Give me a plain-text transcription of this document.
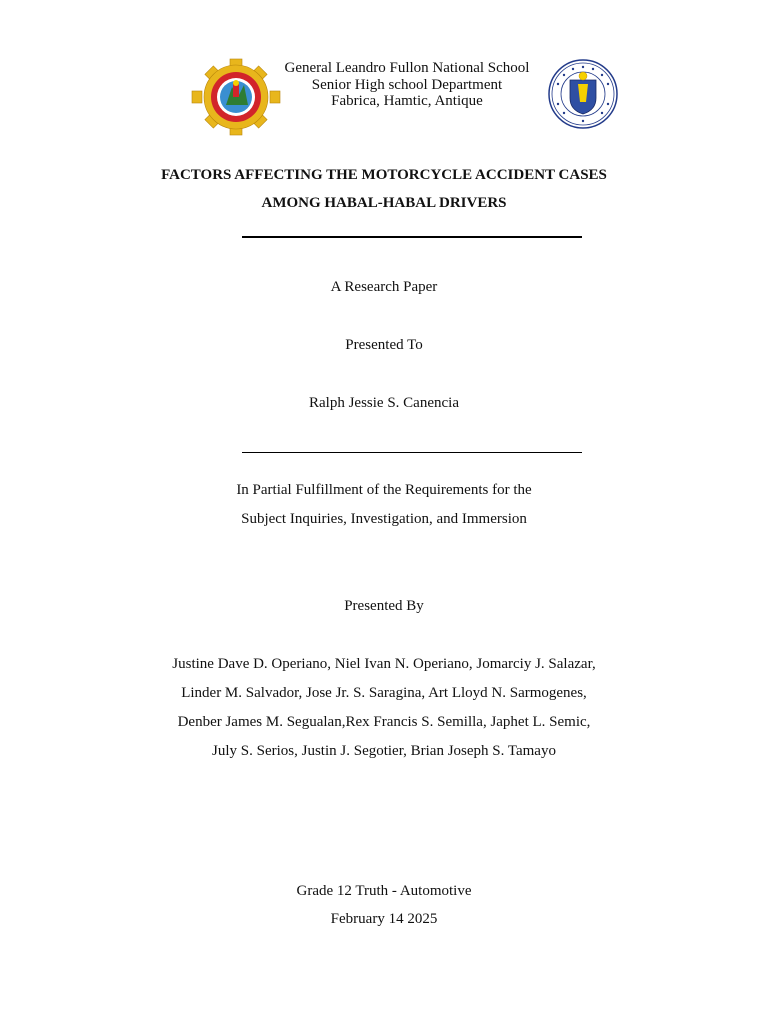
General Leandro Fullon National School
Senior High school Department
Fabrica, Hamtic, Antique
FACTORS AFFECTING THE MOTORCYCLE ACCIDENT CASES
AMONG HABAL-HABAL DRIVERS
A Research Paper
Presented To
Ralph Jessie S. Canencia
In Partial Fulfillment of the Requirements for the
Subject Inquiries, Investigation, and Immersion
Presented By
Justine Dave D. Operiano, Niel Ivan N. Operiano, Jomarciy J. Salazar,
Linder M. Salvador, Jose Jr. S. Saragina, Art Lloyd N. Sarmogenes,
Denber James M. Segualan,Rex Francis S. Semilla, Japhet L. Semic,
July S. Serios, Justin J. Segotier, Brian Joseph S. Tamayo
Grade 12 Truth - Automotive
February 14 2025
